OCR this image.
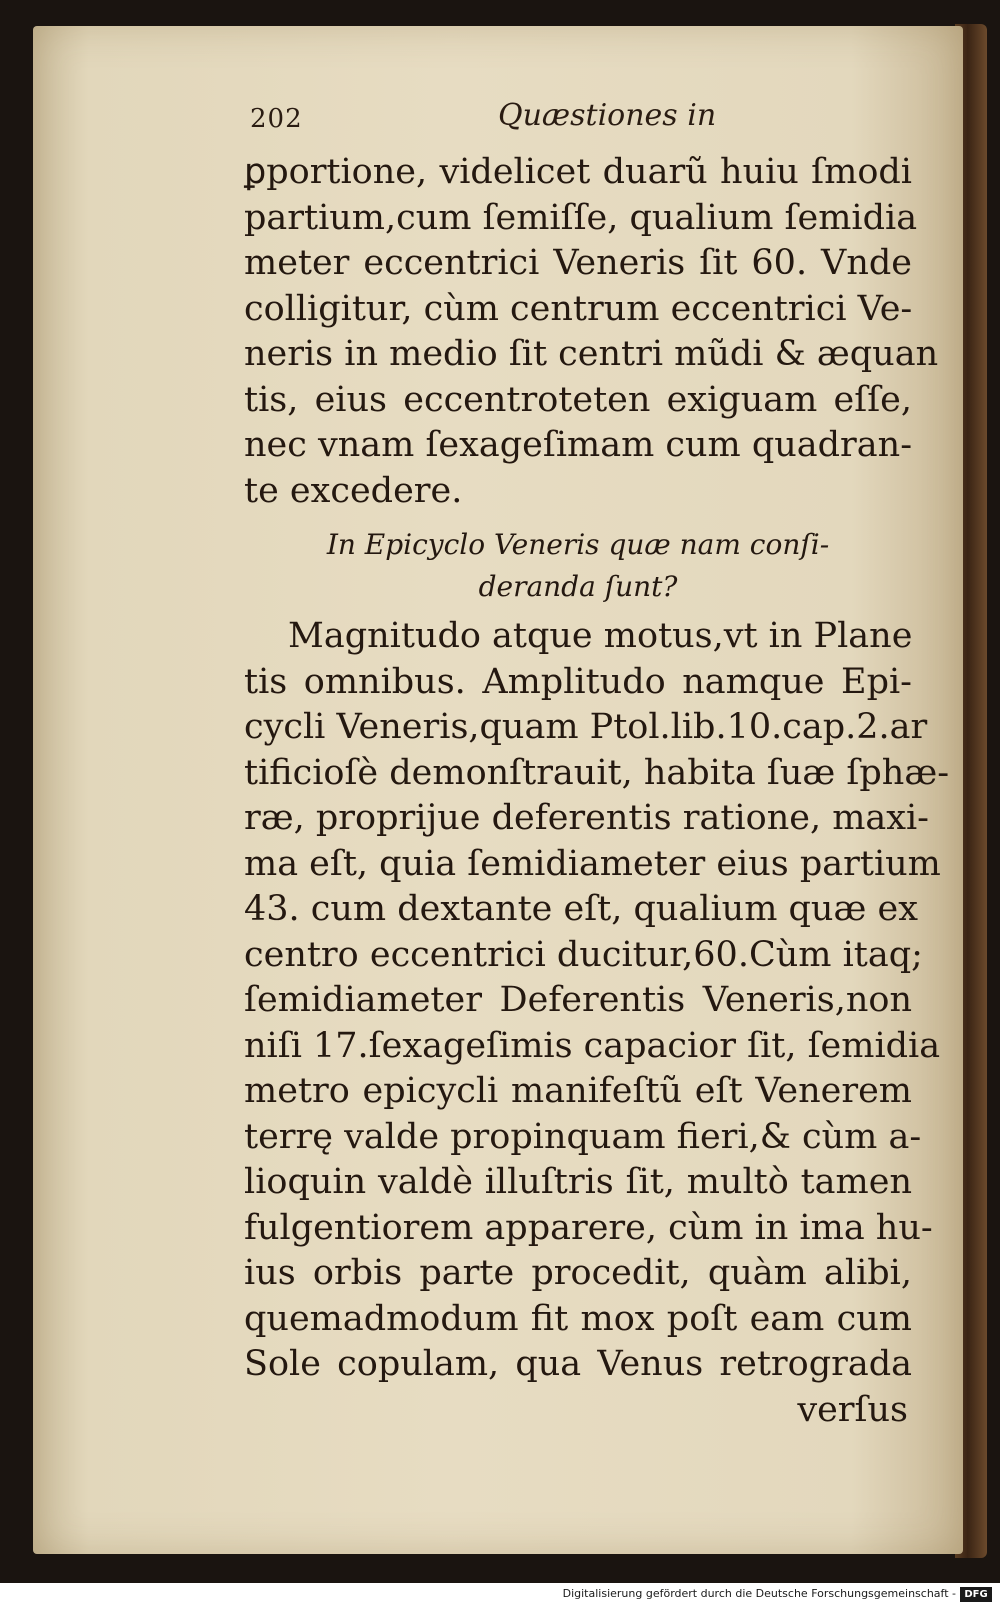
202	Quæstiones in
ꝑportione, videlicet duarũ huiu ſmodi
partium,cum ſemiſſe, qualium ſemidia
meter eccentrici Veneris ſit 60. Vnde
colligitur, cùm centrum eccentrici Ve-
neris in medio ſit centri mũdi & æquan
tis, eius eccentroteten exiguam eſſe,
nec vnam ſexageſimam cum quadran-
te excedere.
In Epicyclo Veneris quæ nam conſi-
deranda ſunt?
Magnitudo atque motus,vt in Plane
tis omnibus. Amplitudo namque Epi-
cycli Veneris,quam Ptol.lib.10.cap.2.ar
tificioſè demonſtrauit, habita ſuæ ſphæ-
ræ, proprijue deferentis ratione, maxi-
ma eſt, quia ſemidiameter eius partium
43. cum dextante eſt, qualium quæ ex
centro eccentrici ducitur,60.Cùm itaq;
ſemidiameter Deferentis Veneris,non
niſi 17.ſexageſimis capacior ſit, ſemidia
metro epicycli manifeſtũ eſt Venerem
terrę valde propinquam fieri,& cùm a-
lioquin valdè illuſtris ſit, multò tamen
fulgentiorem apparere, cùm in ima hu-
ius orbis parte procedit, quàm alibi,
quemadmodum fit mox poſt eam cum
Sole copulam, qua Venus retrograda
verſus
Digitalisierung gefördert durch die Deutsche Forschungsgemeinschaft - DFG
